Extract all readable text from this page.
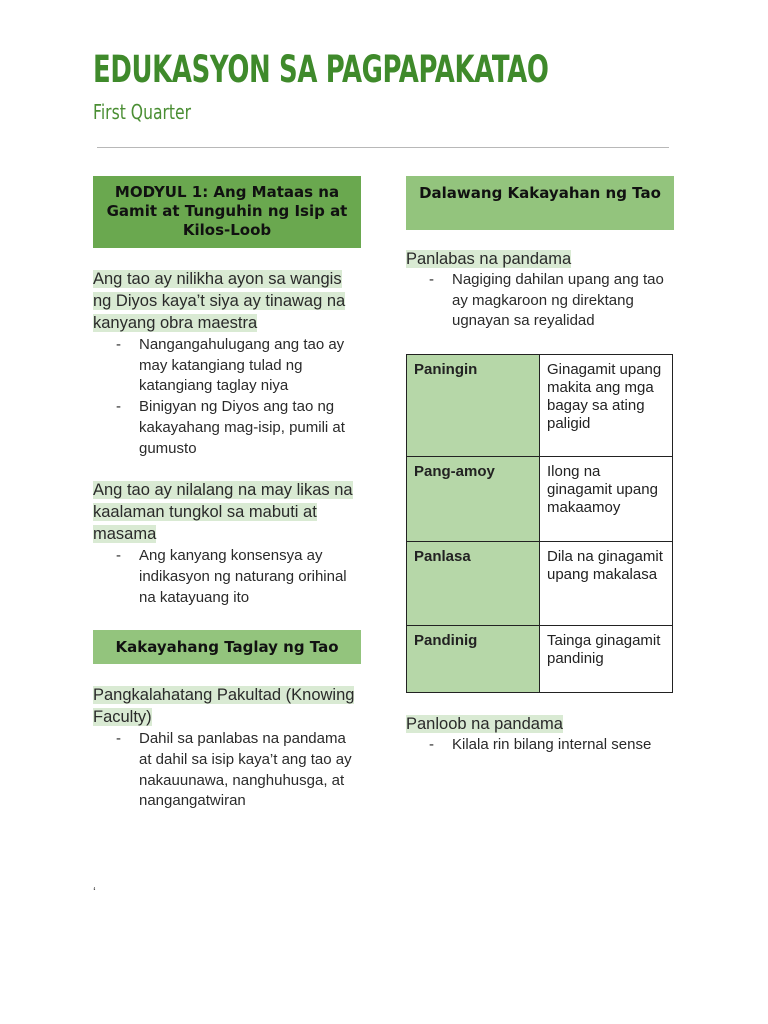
EDUKASYON SA PAGPAPAKATAO
First Quarter
MODYUL 1: Ang Mataas na Gamit at Tunguhin ng Isip at Kilos-Loob
Ang tao ay nilikha ayon sa wangis ng Diyos kaya’t siya ay tinawag na kanyang obra maestra
- Nangangahulugang ang tao ay may katangiang tulad ng katangiang taglay niya
- Binigyan ng Diyos ang tao ng kakayahang mag-isip, pumili at gumusto
Ang tao ay nilalang na may likas na kaalaman tungkol sa mabuti at masama
- Ang kanyang konsensya ay indikasyon ng naturang orihinal na katayuang ito
Kakayahang Taglay ng Tao
Pangkalahatang Pakultad (Knowing Faculty)
- Dahil sa panlabas na pandama at dahil sa isip kaya’t ang tao ay nakauunawa, nanghuhusga, at nangangatwiran
‘
Dalawang Kakayahan ng Tao
Panlabas na pandama
- Nagiging dahilan upang ang tao ay magkaroon ng direktang ugnayan sa reyalidad
Paningin	Ginagamit upang makita ang mga bagay sa ating paligid
Pang-amoy	Ilong na ginagamit upang makaamoy
Panlasa	Dila na ginagamit upang makalasa
Pandinig	Tainga ginagamit pandinig
Panloob na pandama
- Kilala rin bilang internal sense
